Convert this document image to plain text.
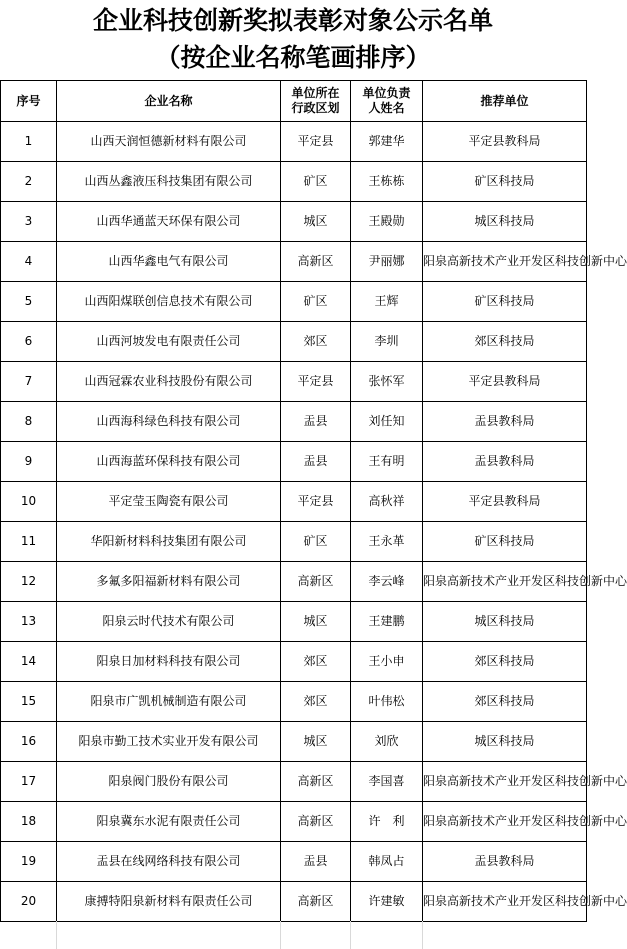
企业科技创新奖拟表彰对象公示名单
（按企业名称笔画排序）
序号	企业名称	单位所在行政区划	单位负责人姓名	推荐单位
1	山西天润恒德新材料有限公司	平定县	郭建华	平定县教科局
2	山西丛鑫液压科技集团有限公司	矿区	王栋栋	矿区科技局
3	山西华通蓝天环保有限公司	城区	王殿勋	城区科技局
4	山西华鑫电气有限公司	高新区	尹丽娜	阳泉高新技术产业开发区科技创新中心
5	山西阳煤联创信息技术有限公司	矿区	王辉	矿区科技局
6	山西河坡发电有限责任公司	郊区	李圳	郊区科技局
7	山西冠霖农业科技股份有限公司	平定县	张怀军	平定县教科局
8	山西海科绿色科技有限公司	盂县	刘任知	盂县教科局
9	山西海蓝环保科技有限公司	盂县	王有明	盂县教科局
10	平定莹玉陶瓷有限公司	平定县	高秋祥	平定县教科局
11	华阳新材料科技集团有限公司	矿区	王永革	矿区科技局
12	多氟多阳福新材料有限公司	高新区	李云峰	阳泉高新技术产业开发区科技创新中心
13	阳泉云时代技术有限公司	城区	王建鹏	城区科技局
14	阳泉日加材料科技有限公司	郊区	王小申	郊区科技局
15	阳泉市广凯机械制造有限公司	郊区	叶伟松	郊区科技局
16	阳泉市勤工技术实业开发有限公司	城区	刘欣	城区科技局
17	阳泉阀门股份有限公司	高新区	李国喜	阳泉高新技术产业开发区科技创新中心
18	阳泉冀东水泥有限责任公司	高新区	许　利	阳泉高新技术产业开发区科技创新中心
19	盂县在线网络科技有限公司	盂县	韩凤占	盂县教科局
20	康搏特阳泉新材料有限责任公司	高新区	许建敏	阳泉高新技术产业开发区科技创新中心
